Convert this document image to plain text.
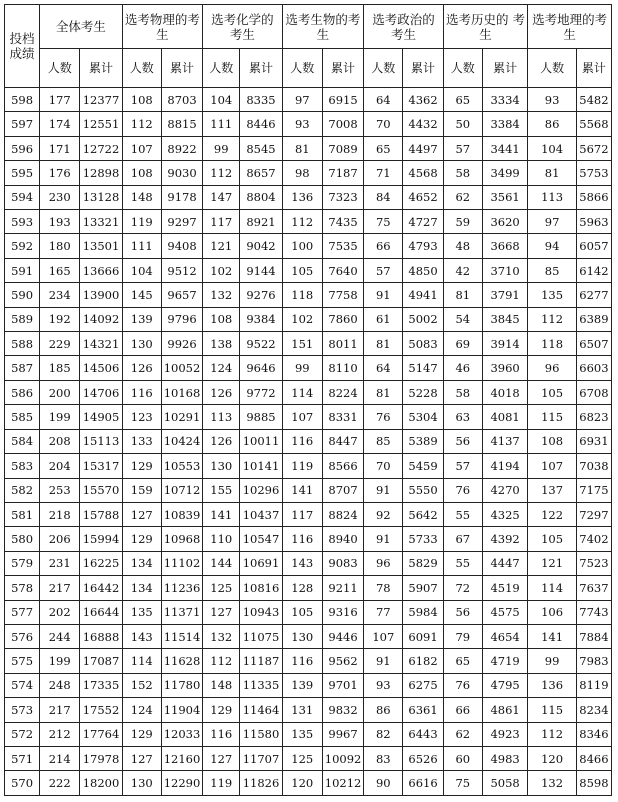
投档
成绩	全体考生		选考物理的考生		选考化学的考生		选考生物的考生		选考政治的考生		选考历史的 考生		选考地理的考生	
	人数	累计	人数	累计	人数	累计	人数	累计	人数	累计	人数	累计	人数	累计
598	177	12377	108	8703	104	8335	97	6915	64	4362	65	3334	93	5482
597	174	12551	112	8815	111	8446	93	7008	70	4432	50	3384	86	5568
596	171	12722	107	8922	99	8545	81	7089	65	4497	57	3441	104	5672
595	176	12898	108	9030	112	8657	98	7187	71	4568	58	3499	81	5753
594	230	13128	148	9178	147	8804	136	7323	84	4652	62	3561	113	5866
593	193	13321	119	9297	117	8921	112	7435	75	4727	59	3620	97	5963
592	180	13501	111	9408	121	9042	100	7535	66	4793	48	3668	94	6057
591	165	13666	104	9512	102	9144	105	7640	57	4850	42	3710	85	6142
590	234	13900	145	9657	132	9276	118	7758	91	4941	81	3791	135	6277
589	192	14092	139	9796	108	9384	102	7860	61	5002	54	3845	112	6389
588	229	14321	130	9926	138	9522	151	8011	81	5083	69	3914	118	6507
587	185	14506	126	10052	124	9646	99	8110	64	5147	46	3960	96	6603
586	200	14706	116	10168	126	9772	114	8224	81	5228	58	4018	105	6708
585	199	14905	123	10291	113	9885	107	8331	76	5304	63	4081	115	6823
584	208	15113	133	10424	126	10011	116	8447	85	5389	56	4137	108	6931
583	204	15317	129	10553	130	10141	119	8566	70	5459	57	4194	107	7038
582	253	15570	159	10712	155	10296	141	8707	91	5550	76	4270	137	7175
581	218	15788	127	10839	141	10437	117	8824	92	5642	55	4325	122	7297
580	206	15994	129	10968	110	10547	116	8940	91	5733	67	4392	105	7402
579	231	16225	134	11102	144	10691	143	9083	96	5829	55	4447	121	7523
578	217	16442	134	11236	125	10816	128	9211	78	5907	72	4519	114	7637
577	202	16644	135	11371	127	10943	105	9316	77	5984	56	4575	106	7743
576	244	16888	143	11514	132	11075	130	9446	107	6091	79	4654	141	7884
575	199	17087	114	11628	112	11187	116	9562	91	6182	65	4719	99	7983
574	248	17335	152	11780	148	11335	139	9701	93	6275	76	4795	136	8119
573	217	17552	124	11904	129	11464	131	9832	86	6361	66	4861	115	8234
572	212	17764	129	12033	116	11580	135	9967	82	6443	62	4923	112	8346
571	214	17978	127	12160	127	11707	125	10092	83	6526	60	4983	120	8466
570	222	18200	130	12290	119	11826	120	10212	90	6616	75	5058	132	8598
